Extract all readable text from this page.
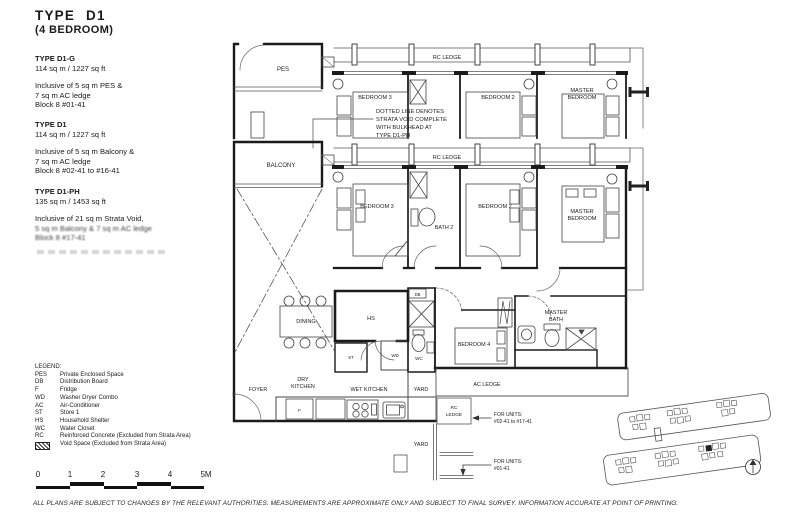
TYPE D1
(4 BEDROOM)
TYPE D1-G
114 sq m / 1227 sq ft
Inclusive of 5 sq m PES &
7 sq m AC ledge
Block 8 #01-41
TYPE D1
114 sq m / 1227 sq ft
Inclusive of 5 sq m Balcony &
7 sq m AC ledge
Block 8 #02-41 to #16-41
TYPE D1-PH
135 sq m / 1453 sq ft
Inclusive of 21 sq m Strata Void,
5 sq m Balcony & 7 sq m AC ledge
Block 8 #17-41
LEGEND:
PES	Private Enclosed Space
DB	Distribution Board
F	Fridge
WD	Washer Dryer Combo
AC	Air-Conditioner
ST	Store 1
HS	Household Shelter
WC	Water Closet
RC	Reinforced Concrete (Excluded from Strata Area)
Void Space (Excluded from Strata Area)
0	1	2	3	4	5M
ALL PLANS ARE SUBJECT TO CHANGES BY THE RELEVANT AUTHORITIES. MEASUREMENTS ARE APPROXIMATE ONLY AND SUBJECT TO FINAL SURVEY. INFORMATION ACCURATE AT POINT OF PRINTING.
RC LEDGE
PES
BEDROOM 3	BEDROOM 2
MASTER
BEDROOM
DOTTED LINE DENOTES
STRATA VOID COMPLETE
WITH BULKHEAD AT
TYPE D1-PH
RC LEDGE
BALCONY
BEDROOM 3
BATH 2
BEDROOM 2
MASTER
BEDROOM
DINING	HS
ST	WD
DB
WC
BEDROOM 4
MASTER
BATH
F
FOYER
DRY
KITCHEN	WET KITCHEN	YARD
AC LEDGE
RC
LEDGE	FOR UNITS:
#02-41 to #17-41
YARD
FOR UNITS:
#01-41
